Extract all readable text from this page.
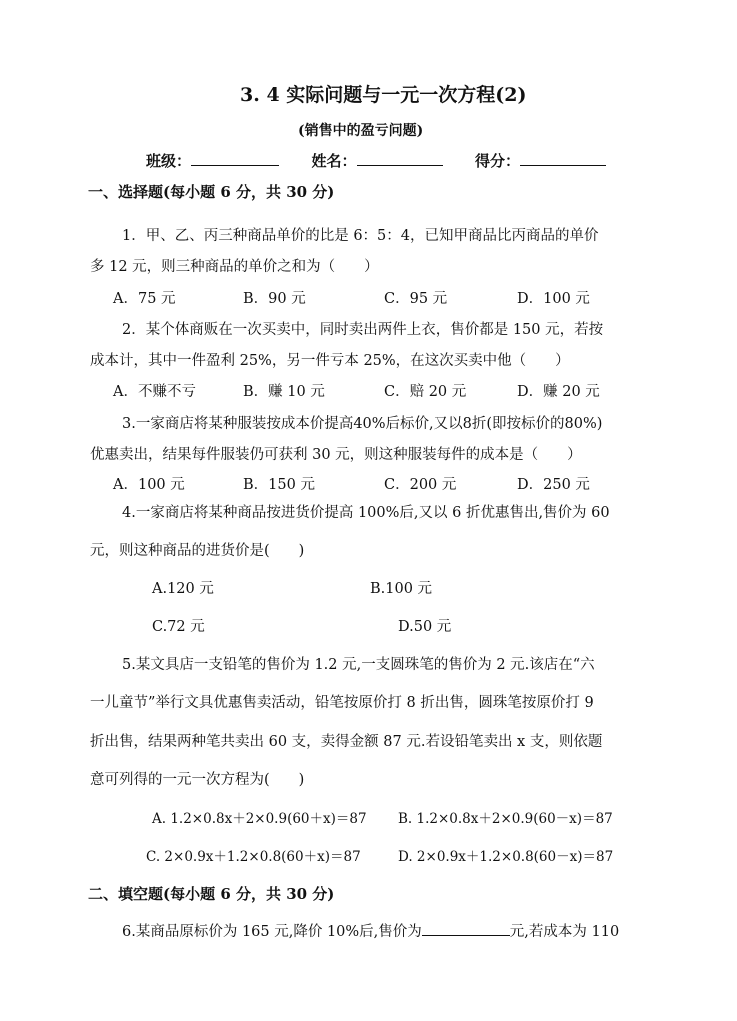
3. 4 实际问题与一元一次方程(2)
(销售中的盈亏问题)
班级：	姓名：	得分：
一、选择题(每小题 6 分，共 30 分)
1．甲、乙、丙三种商品单价的比是 6：5：4，已知甲商品比丙商品的单价
多 12 元，则三种商品的单价之和为（　　）
A．75 元	B．90 元	C．95 元	D．100 元
2．某个体商贩在一次买卖中，同时卖出两件上衣，售价都是 150 元，若按
成本计，其中一件盈利 25%，另一件亏本 25%，在这次买卖中他（　　）
A．不赚不亏	B．赚 10 元	C．赔 20 元	D．赚 20 元
3.一家商店将某种服装按成本价提高40%后标价,又以8折(即按标价的80%)
优惠卖出，结果每件服装仍可获利 30 元，则这种服装每件的成本是（　　）
A．100 元	B．150 元	C．200 元	D．250 元
4.一家商店将某种商品按进货价提高 100%后,又以 6 折优惠售出,售价为 60
元，则这种商品的进货价是(　　)
A.120 元	B.100 元
C.72 元	D.50 元
5.某文具店一支铅笔的售价为 1.2 元,一支圆珠笔的售价为 2 元.该店在“六
一儿童节”举行文具优惠售卖活动，铅笔按原价打 8 折出售，圆珠笔按原价打 9
折出售，结果两种笔共卖出 60 支，卖得金额 87 元.若设铅笔卖出 x 支，则依题
意可列得的一元一次方程为(　　)
A. 1.2×0.8x＋2×0.9(60＋x)＝87 B. 1.2×0.8x＋2×0.9(60－x)＝87
C. 2×0.9x＋1.2×0.8(60＋x)＝87	D. 2×0.9x＋1.2×0.8(60－x)＝87
二、填空题(每小题 6 分，共 30 分)
6.某商品原标价为 165 元,降价 10%后,售价为	元,若成本为 110
